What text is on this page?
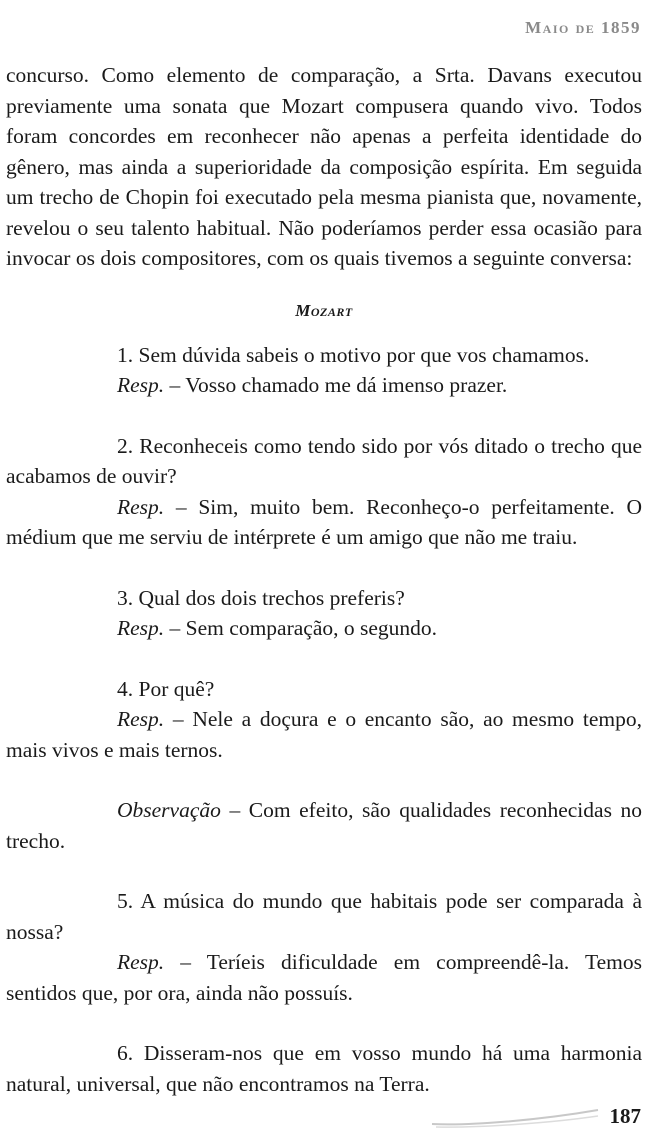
Maio de 1859

concurso. Como elemento de comparação, a Srta. Davans executou previamente uma sonata que Mozart compusera quando vivo. Todos foram concordes em reconhecer não apenas a perfeita identidade do gênero, mas ainda a superioridade da composição espírita. Em seguida um trecho de Chopin foi executado pela mesma pianista que, novamente, revelou o seu talento habitual. Não poderíamos perder essa ocasião para invocar os dois compositores, com os quais tivemos a seguinte conversa:

Mozart

1. Sem dúvida sabeis o motivo por que vos chamamos.

Resp. – Vosso chamado me dá imenso prazer.

2. Reconheceis como tendo sido por vós ditado o trecho que acabamos de ouvir?

Resp. – Sim, muito bem. Reconheço-o perfeitamente. O médium que me serviu de intérprete é um amigo que não me traiu.

3. Qual dos dois trechos preferis?

Resp. – Sem comparação, o segundo.

4. Por quê?

Resp. – Nele a doçura e o encanto são, ao mesmo tempo, mais vivos e mais ternos.

Observação – Com efeito, são qualidades reconhecidas no trecho.

5. A música do mundo que habitais pode ser comparada à nossa?

Resp. – Teríeis dificuldade em compreendê-la. Temos sentidos que, por ora, ainda não possuís.

6. Disseram-nos que em vosso mundo há uma harmonia natural, universal, que não encontramos na Terra.

187
